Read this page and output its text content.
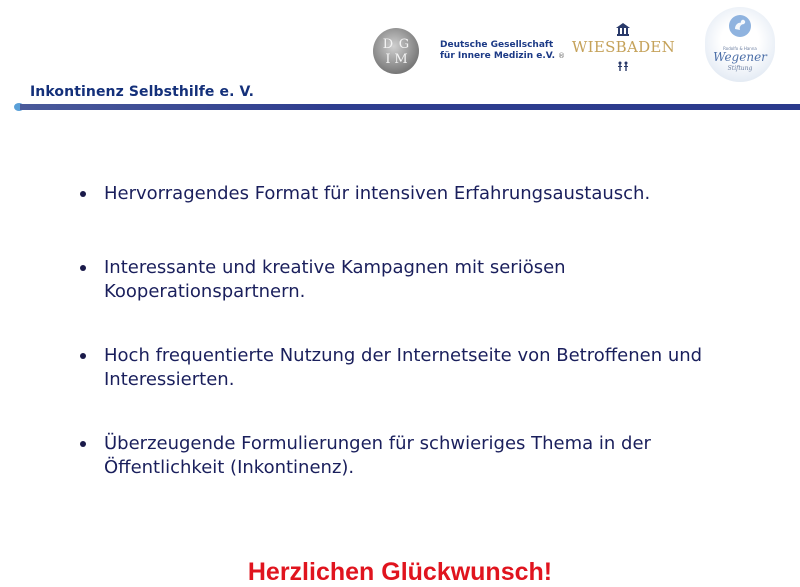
D G
I M
Deutsche Gesellschaft
für Innere Medizin e.V. ® WIESBADEN	Rodolfo & Hanna
Wegener
Stiftung
Inkontinenz Selbsthilfe e. V.
Hervorragendes Format für intensiven Erfahrungsaustausch.
Interessante und kreative Kampagnen mit seriösen Kooperationspartnern.
Hoch frequentierte Nutzung der Internetseite von Betroffenen und Interessierten.
Überzeugende Formulierungen für schwieriges Thema in der Öffentlichkeit (Inkontinenz).
Herzlichen Glückwunsch!
